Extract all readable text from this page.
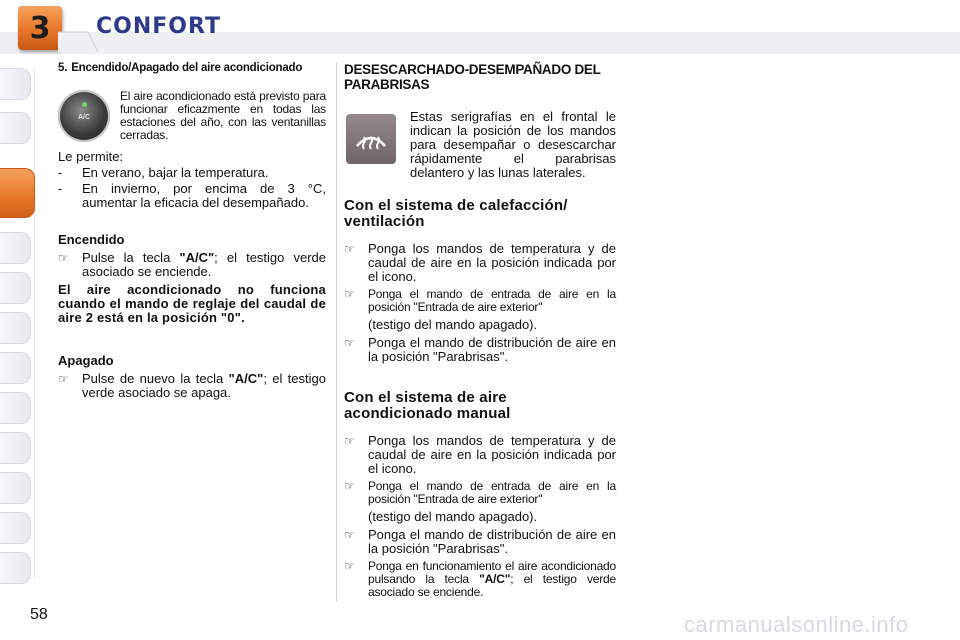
3 CONFORT

5. Encendido/Apagado del aire acondicionado

A/C

El aire acondicionado está previsto para funcionar eficazmente en todas las estaciones del año, con las ventanillas cerradas.

Le permite:

- En verano, bajar la temperatura.

- En invierno, por encima de 3 °C, aumentar la eficacia del desempañado.

Encendido

☞ Pulse la tecla "A/C"; el testigo verde asociado se enciende.

El aire acondicionado no funciona cuando el mando de reglaje del caudal de aire 2 está en la posición "0".

Apagado

☞ Pulse de nuevo la tecla "A/C"; el testigo verde asociado se apaga.

DESESCARCHADO-DESEMPAÑADO DEL PARABRISAS

Estas serigrafías en el frontal le indican la posición de los mandos para desempañar o desescarchar rápidamente el parabrisas delantero y las lunas laterales.

Con el sistema de calefacción/ ventilación

☞ Ponga los mandos de temperatura y de caudal de aire en la posición indicada por el icono.

☞ Ponga el mando de entrada de aire en la posición "Entrada de aire exterior"

(testigo del mando apagado).

☞ Ponga el mando de distribución de aire en la posición "Parabrisas".

Con el sistema de aire acondicionado manual

☞ Ponga los mandos de temperatura y de caudal de aire en la posición indicada por el icono.

☞ Ponga el mando de entrada de aire en la posición "Entrada de aire exterior"

(testigo del mando apagado).

☞ Ponga el mando de distribución de aire en la posición "Parabrisas".

☞ Ponga en funcionamiento el aire acondicionado pulsando la tecla "A/C"; el testigo verde asociado se enciende.

58	carmanualsonline.info
